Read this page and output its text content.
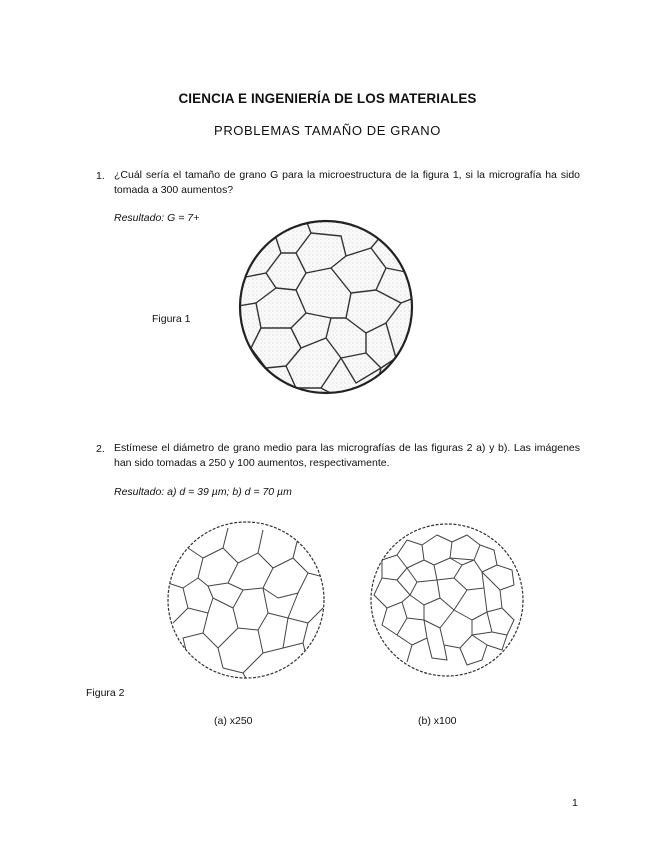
CIENCIA E INGENIERÍA DE LOS MATERIALES
PROBLEMAS TAMAÑO DE GRANO
1. ¿Cuál sería el tamaño de grano G para la microestructura de la figura 1, si la micrografía ha sido tomada a 300 aumentos?
Resultado: G = 7+
Figura 1
2. Estímese el diámetro de grano medio para las micrografías de las figuras 2 a) y b). Las imágenes han sido tomadas a 250 y 100 aumentos, respectivamente.
Resultado: a) d = 39 µm; b) d = 70 µm
Figura 2
(a) x250	(b) x100
1
